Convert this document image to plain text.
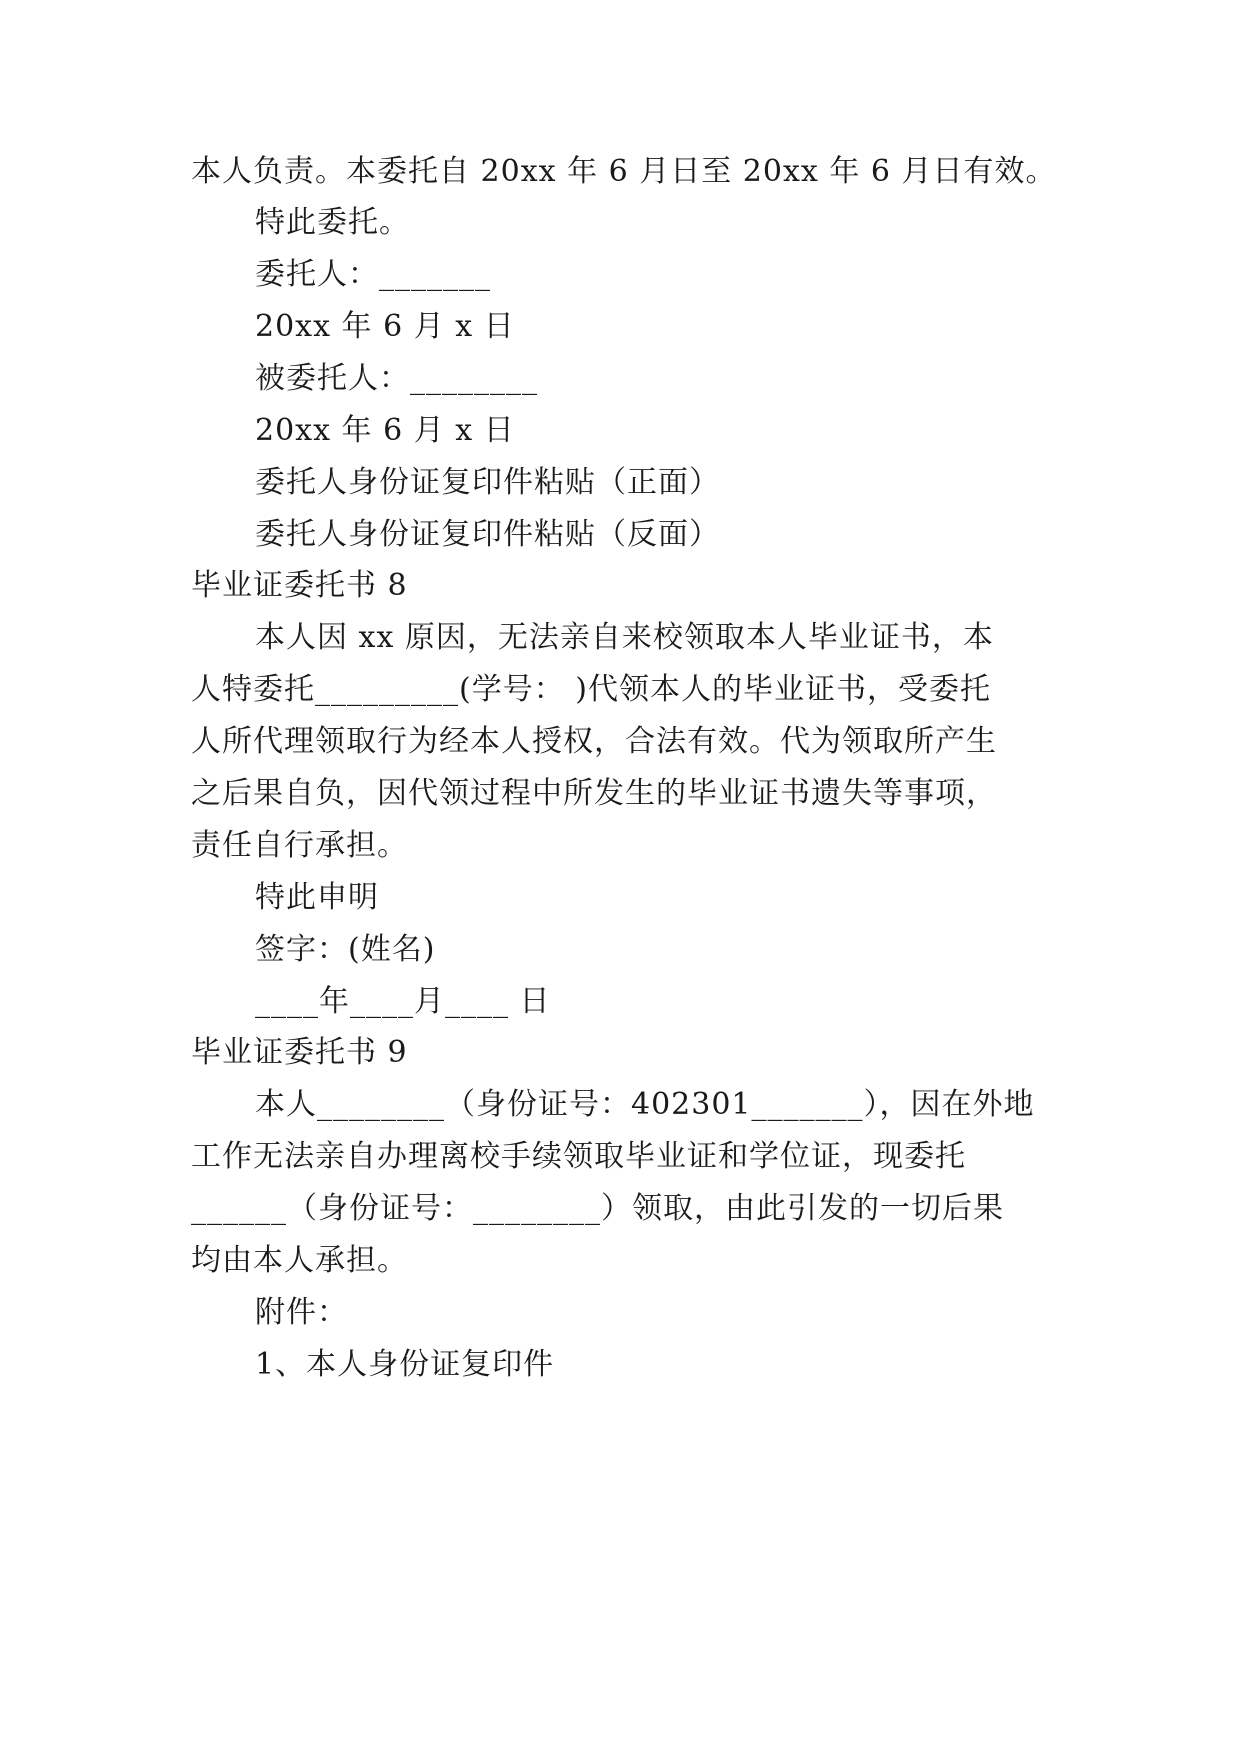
本人负责。本委托自 20xx 年 6 月日至 20xx 年 6 月日有效。
特此委托。
委托人：_______
20xx 年 6 月 x 日
被委托人：________
20xx 年 6 月 x 日
委托人身份证复印件粘贴（正面）
委托人身份证复印件粘贴（反面）
毕业证委托书 8
本人因 xx 原因，无法亲自来校领取本人毕业证书，本
人特委托_________(学号： )代领本人的毕业证书，受委托
人所代理领取行为经本人授权，合法有效。代为领取所产生
之后果自负，因代领过程中所发生的毕业证书遗失等事项，
责任自行承担。
特此申明
签字：(姓名)
____年____月____ 日
毕业证委托书 9
本人________（身份证号：402301_______），因在外地
工作无法亲自办理离校手续领取毕业证和学位证，现委托
______（身份证号：________）领取，由此引发的一切后果
均由本人承担。
附件：
1、本人身份证复印件
